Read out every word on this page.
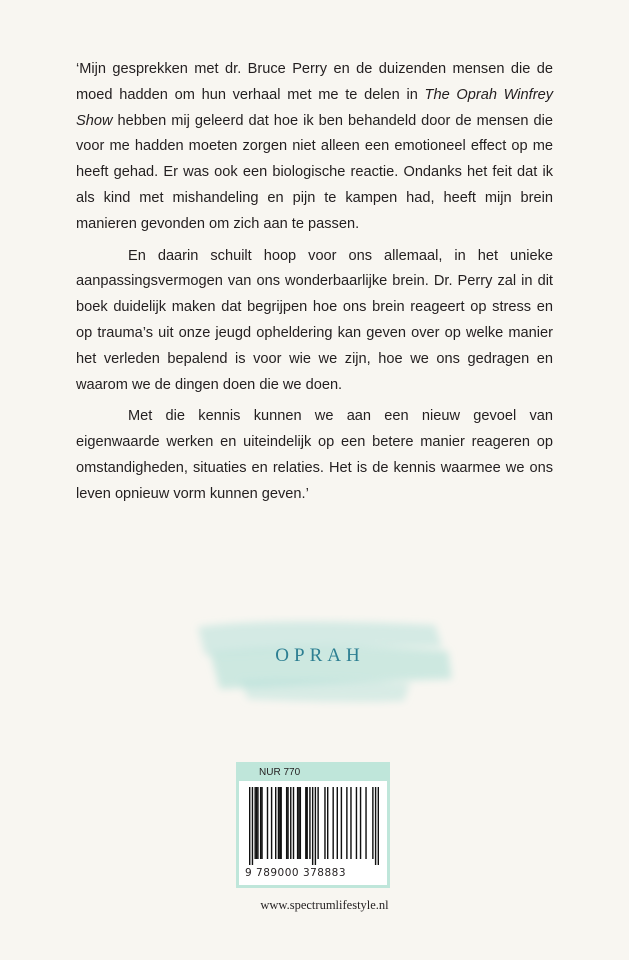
‘Mijn gesprekken met dr. Bruce Perry en de duizenden mensen die de moed hadden om hun verhaal met me te delen in The Oprah Winfrey Show hebben mij geleerd dat hoe ik ben behandeld door de mensen die voor me hadden moeten zorgen niet alleen een emotioneel effect op me heeft gehad. Er was ook een biologische reactie. Ondanks het feit dat ik als kind met mishandeling en pijn te kampen had, heeft mijn brein manieren gevonden om zich aan te passen.

En daarin schuilt hoop voor ons allemaal, in het unieke aanpassingsvermogen van ons wonderbaarlijke brein. Dr. Perry zal in dit boek duidelijk maken dat begrijpen hoe ons brein reageert op stress en op trauma’s uit onze jeugd opheldering kan geven over op welke manier het verleden bepalend is voor wie we zijn, hoe we ons gedragen en waarom we de dingen doen die we doen.

Met die kennis kunnen we aan een nieuw gevoel van eigenwaarde werken en uiteindelijk op een betere manier reageren op omstandigheden, situaties en relaties. Het is de kennis waarmee we ons leven opnieuw vorm kunnen geven.’

OPRAH
NUR 770
9 789000 378883
www.spectrumlifestyle.nl
